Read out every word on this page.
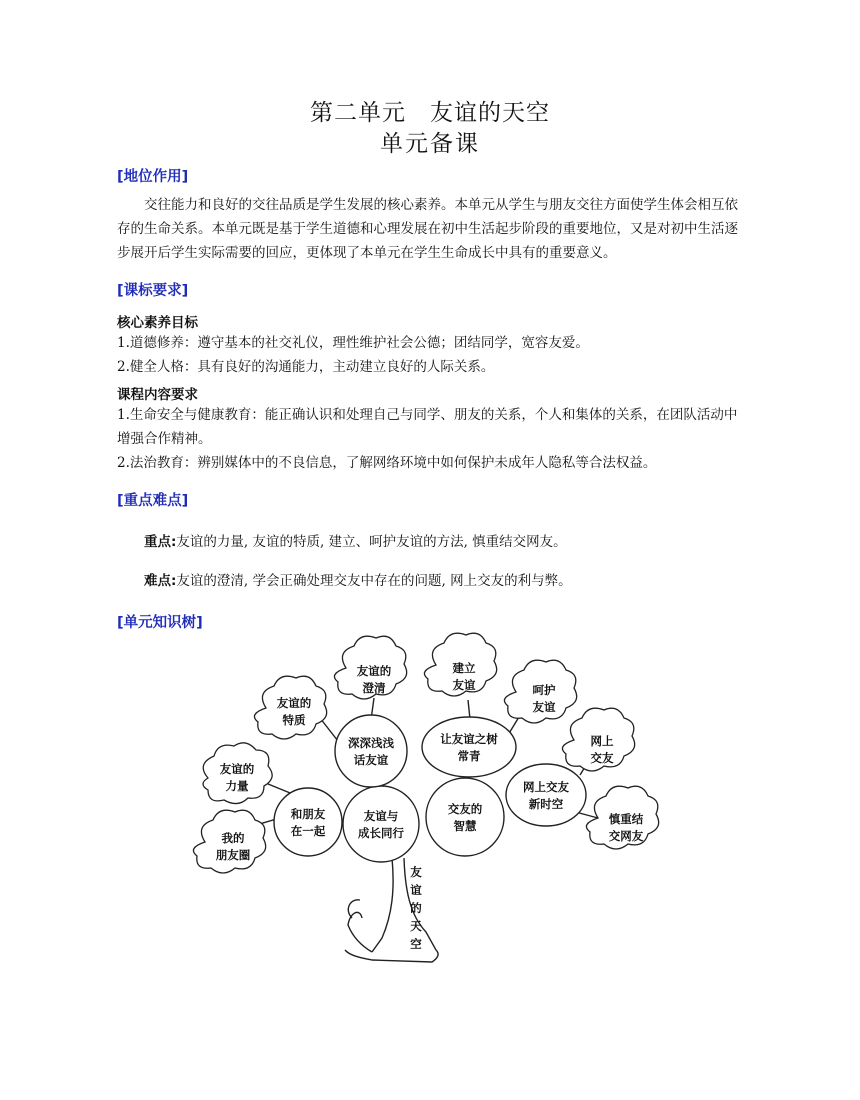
第二单元　友谊的天空
单元备课
[地位作用]
交往能力和良好的交往品质是学生发展的核心素养。本单元从学生与朋友交往方面使学生体会相互依存的生命关系。本单元既是基于学生道德和心理发展在初中生活起步阶段的重要地位，又是对初中生活逐步展开后学生实际需要的回应，更体现了本单元在学生生命成长中具有的重要意义。
[课标要求]
核心素养目标
1.道德修养：遵守基本的社交礼仪，理性维护社会公德；团结同学，宽容友爱。
2.健全人格：具有良好的沟通能力，主动建立良好的人际关系。
课程内容要求
1.生命安全与健康教育：能正确认识和处理自己与同学、朋友的关系，个人和集体的关系，在团队活动中增强合作精神。
2.法治教育：辨别媒体中的不良信息，了解网络环境中如何保护未成年人隐私等合法权益。
[重点难点]
重点:友谊的力量, 友谊的特质, 建立、呵护友谊的方法, 慎重结交网友。
难点:友谊的澄清, 学会正确处理交友中存在的问题, 网上交友的利与弊。
[单元知识树]
我的
朋友圈
友谊的
力量
友谊的
特质
友谊的
澄清
建立
友谊	呵护
友谊
网上
交友
慎重结
交网友
和朋友
在一起
友谊与
成长同行
交友的
智慧
网上交友
新时空
深深浅浅
话友谊
让友谊之树
常青
友谊的天空
